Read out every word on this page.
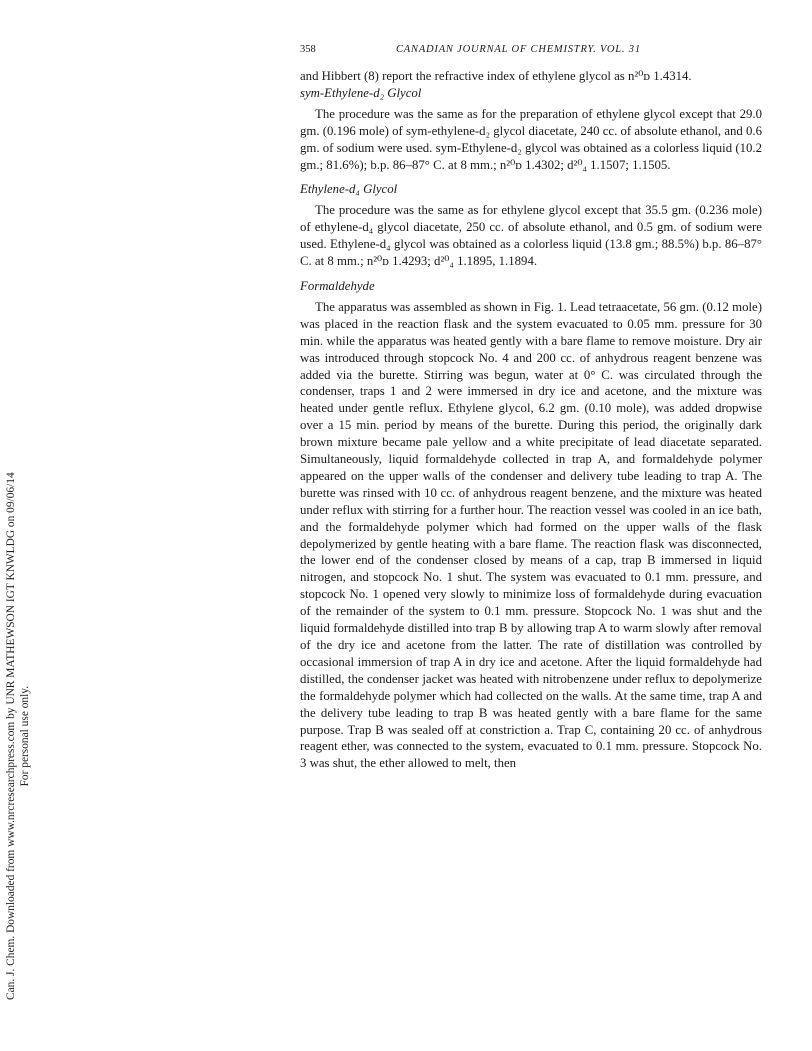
358	CANADIAN JOURNAL OF CHEMISTRY. VOL. 31
Can. J. Chem. Downloaded from www.nrcresearchpress.com by UNR MATHEWSON IGT KNWLDG on 09/06/14 For personal use only.

and Hibbert (8) report the refractive index of ethylene glycol as n²⁰ᴅ 1.4314.

sym-Ethylene-d₂ Glycol

The procedure was the same as for the preparation of ethylene glycol except that 29.0 gm. (0.196 mole) of sym-ethylene-d₂ glycol diacetate, 240 cc. of absolute ethanol, and 0.6 gm. of sodium were used. sym-Ethylene-d₂ glycol was obtained as a colorless liquid (10.2 gm.; 81.6%); b.p. 86–87° C. at 8 mm.; n²⁰ᴅ 1.4302; d²⁰₄ 1.1507; 1.1505.

Ethylene-d₄ Glycol

The procedure was the same as for ethylene glycol except that 35.5 gm. (0.236 mole) of ethylene-d₄ glycol diacetate, 250 cc. of absolute ethanol, and 0.5 gm. of sodium were used. Ethylene-d₄ glycol was obtained as a colorless liquid (13.8 gm.; 88.5%) b.p. 86–87° C. at 8 mm.; n²⁰ᴅ 1.4293; d²⁰₄ 1.1895, 1.1894.

Formaldehyde

The apparatus was assembled as shown in Fig. 1. Lead tetraacetate, 56 gm. (0.12 mole) was placed in the reaction flask and the system evacuated to 0.05 mm. pressure for 30 min. while the apparatus was heated gently with a bare flame to remove moisture. Dry air was introduced through stopcock No. 4 and 200 cc. of anhydrous reagent benzene was added via the burette. Stirring was begun, water at 0° C. was circulated through the condenser, traps 1 and 2 were immersed in dry ice and acetone, and the mixture was heated under gentle reflux. Ethylene glycol, 6.2 gm. (0.10 mole), was added dropwise over a 15 min. period by means of the burette. During this period, the originally dark brown mixture became pale yellow and a white precipitate of lead diacetate separated. Simultaneously, liquid formaldehyde collected in trap A, and formaldehyde polymer appeared on the upper walls of the condenser and delivery tube leading to trap A. The burette was rinsed with 10 cc. of anhydrous reagent benzene, and the mixture was heated under reflux with stirring for a further hour. The reaction vessel was cooled in an ice bath, and the formaldehyde polymer which had formed on the upper walls of the flask depolymerized by gentle heating with a bare flame. The reaction flask was disconnected, the lower end of the condenser closed by means of a cap, trap B immersed in liquid nitrogen, and stopcock No. 1 shut. The system was evacuated to 0.1 mm. pressure, and stopcock No. 1 opened very slowly to minimize loss of formaldehyde during evacuation of the remainder of the system to 0.1 mm. pressure. Stopcock No. 1 was shut and the liquid formaldehyde distilled into trap B by allowing trap A to warm slowly after removal of the dry ice and acetone from the latter. The rate of distillation was controlled by occasional immersion of trap A in dry ice and acetone. After the liquid formaldehyde had distilled, the condenser jacket was heated with nitrobenzene under reflux to depolymerize the formaldehyde polymer which had collected on the walls. At the same time, trap A and the delivery tube leading to trap B was heated gently with a bare flame for the same purpose. Trap B was sealed off at constriction a. Trap C, containing 20 cc. of anhydrous reagent ether, was connected to the system, evacuated to 0.1 mm. pressure. Stopcock No. 3 was shut, the ether allowed to melt, then
